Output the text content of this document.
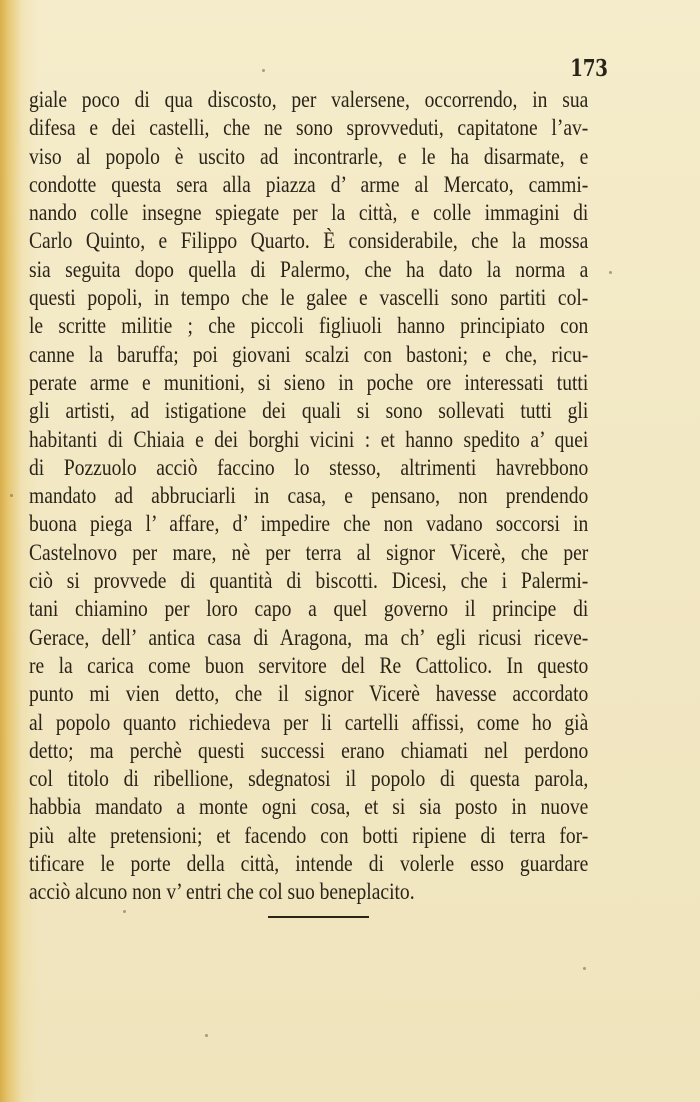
173
giale poco di qua discosto, per valersene, occorrendo, in sua
difesa e dei castelli, che ne sono sprovveduti, capitatone l’av-
viso al popolo è uscito ad incontrarle, e le ha disarmate, e
condotte questa sera alla piazza d’ arme al Mercato, cammi-
nando colle insegne spiegate per la città, e colle immagini di
Carlo Quinto, e Filippo Quarto. È considerabile, che la mossa
sia seguita dopo quella di Palermo, che ha dato la norma a
questi popoli, in tempo che le galee e vascelli sono partiti col-
le scritte militie ; che piccoli figliuoli hanno principiato con
canne la baruffa; poi giovani scalzi con bastoni; e che, ricu-
perate arme e munitioni, si sieno in poche ore interessati tutti
gli artisti, ad istigatione dei quali si sono sollevati tutti gli
habitanti di Chiaia e dei borghi vicini : et hanno spedito a’ quei
di Pozzuolo acciò faccino lo stesso, altrimenti havrebbono
mandato ad abbruciarli in casa, e pensano, non prendendo
buona piega l’ affare, d’ impedire che non vadano soccorsi in
Castelnovo per mare, nè per terra al signor Vicerè, che per
ciò si provvede di quantità di biscotti. Dicesi, che i Palermi-
tani chiamino per loro capo a quel governo il principe di
Gerace, dell’ antica casa di Aragona, ma ch’ egli ricusi riceve-
re la carica come buon servitore del Re Cattolico. In questo
punto mi vien detto, che il signor Vicerè havesse accordato
al popolo quanto richiedeva per li cartelli affissi, come ho già
detto; ma perchè questi successi erano chiamati nel perdono
col titolo di ribellione, sdegnatosi il popolo di questa parola,
habbia mandato a monte ogni cosa, et si sia posto in nuove
più alte pretensioni; et facendo con botti ripiene di terra for-
tificare le porte della città, intende di volerle esso guardare
acciò alcuno non v’ entri che col suo beneplacito.
